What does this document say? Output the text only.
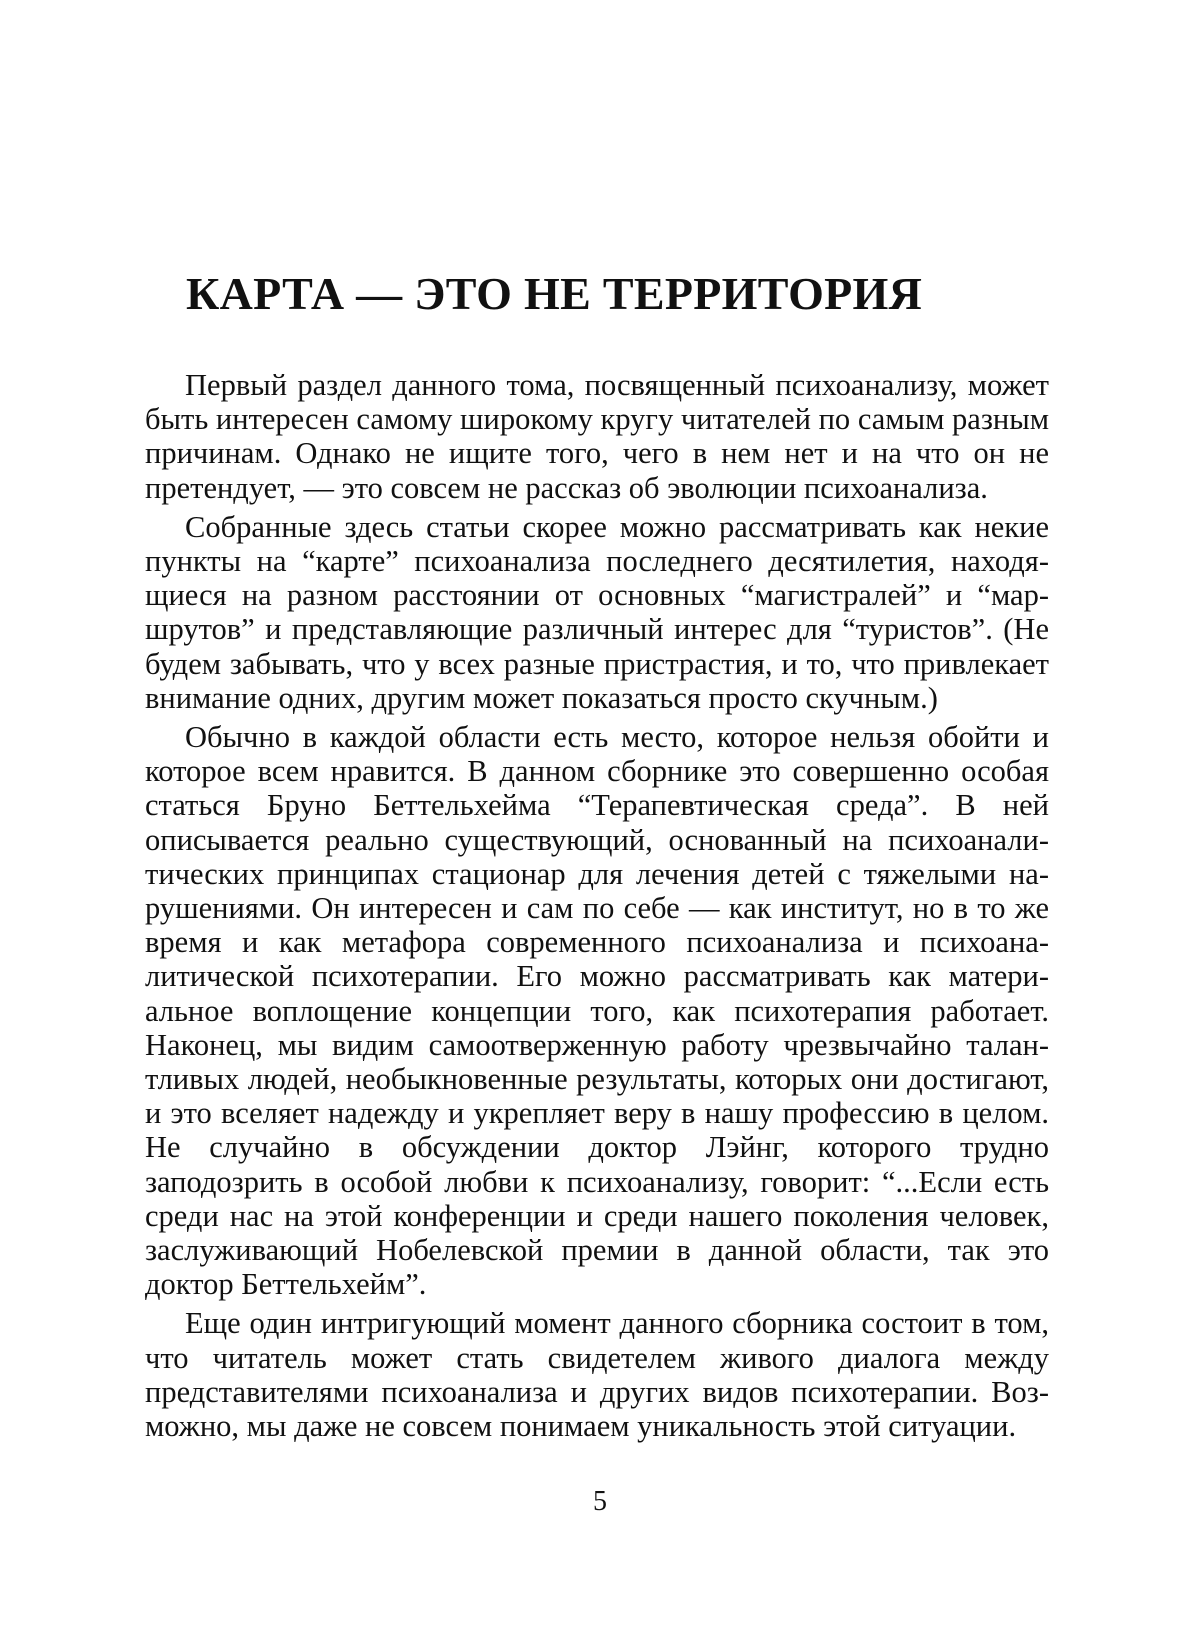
КАРТА — ЭТО НЕ ТЕРРИТОРИЯ

Первый раздел данного тома, посвященный психоанализу, может быть интересен самому широкому кругу читателей по самым разным причинам. Однако не ищите того, чего в нем нет и на что он не претендует, — это совсем не рассказ об эволюции психоанализа.

Собранные здесь статьи скорее можно рассматривать как некие пункты на “карте” психоанализа последнего десятилетия, находящиеся на разном расстоянии от основных “магистралей” и “маршрутов” и представляющие различный интерес для “туристов”. (Не будем забывать, что у всех разные пристрастия, и то, что привлекает внимание одних, другим может показаться просто скучным.)

Обычно в каждой области есть место, которое нельзя обойти и которое всем нравится. В данном сборнике это совершенно особая статься Бруно Беттельхейма “Терапевтическая среда”. В ней описывается реально существующий, основанный на психоаналитических принципах стационар для лечения детей с тяжелыми нарушениями. Он интересен и сам по себе — как институт, но в то же время и как метафора современного психоанализа и психоаналитической психотерапии. Его можно рассматривать как материальное воплощение концепции того, как психотерапия работает. Наконец, мы видим самоотверженную работу чрезвычайно талантливых людей, необыкновенные результаты, которых они достигают, и это вселяет надежду и укрепляет веру в нашу профессию в целом. Не случайно в обсуждении доктор Лэйнг, которого трудно заподозрить в особой любви к психоанализу, говорит: “...Если есть среди нас на этой конференции и среди нашего поколения человек, заслуживающий Нобелевской премии в данной области, так это доктор Беттельхейм”.

Еще один интригующий момент данного сборника состоит в том, что читатель может стать свидетелем живого диалога между представителями психоанализа и других видов психотерапии. Возможно, мы даже не совсем понимаем уникальность этой ситуации.

5
